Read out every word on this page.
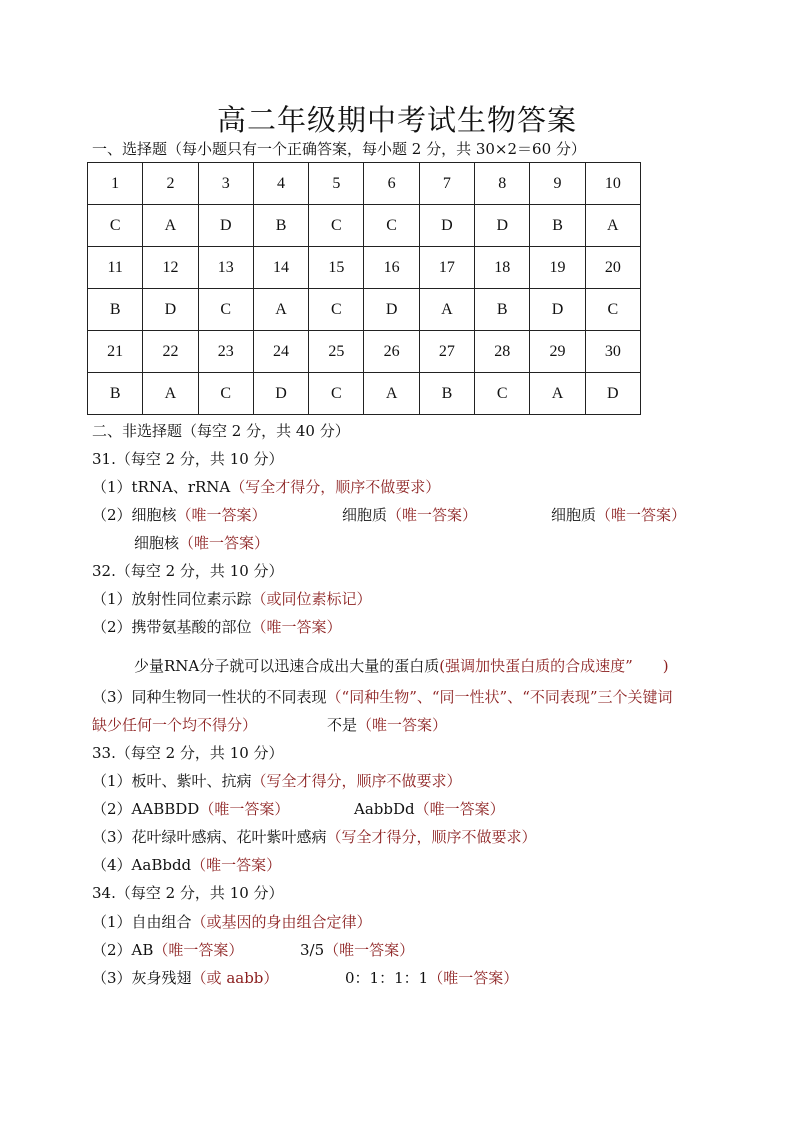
高二年级期中考试生物答案
一、选择题（每小题只有一个正确答案，每小题 2 分，共 30×2＝60 分）
1	2	3	4	5	6	7	8	9	10
C	A	D	B	C	C	D	D	B	A
11	12	13	14	15	16	17	18	19	20
B	D	C	A	C	D	A	B	D	C
21	22	23	24	25	26	27	28	29	30
B	A	C	D	C	A	B	C	A	D
二、非选择题（每空 2 分，共 40 分）
31.（每空 2 分，共 10 分）
（1）tRNA、rRNA（写全才得分，顺序不做要求）
（2）细胞核（唯一答案）	细胞质（唯一答案）	细胞质（唯一答案）
细胞核（唯一答案）
32.（每空 2 分，共 10 分）
（1）放射性同位素示踪（或同位素标记）
（2）携带氨基酸的部位（唯一答案）
少量RNA分子就可以迅速合成出大量的蛋白质(强调加快蛋白质的合成速度”　　)
（3）同种生物同一性状的不同表现（“同种生物”、“同一性状”、“不同表现”三个关键词
缺少任何一个均不得分）	不是（唯一答案）
33.（每空 2 分，共 10 分）
（1）板叶、紫叶、抗病（写全才得分，顺序不做要求）
（2）AABBDD（唯一答案）	AabbDd（唯一答案）
（3）花叶绿叶感病、花叶紫叶感病（写全才得分，顺序不做要求）
（4）AaBbdd（唯一答案）
34.（每空 2 分，共 10 分）
（1）自由组合（或基因的身由组合定律）
（2）AB（唯一答案）	3/5（唯一答案）
（3）灰身残翅（或 aabb）	0：1：1：1（唯一答案）
